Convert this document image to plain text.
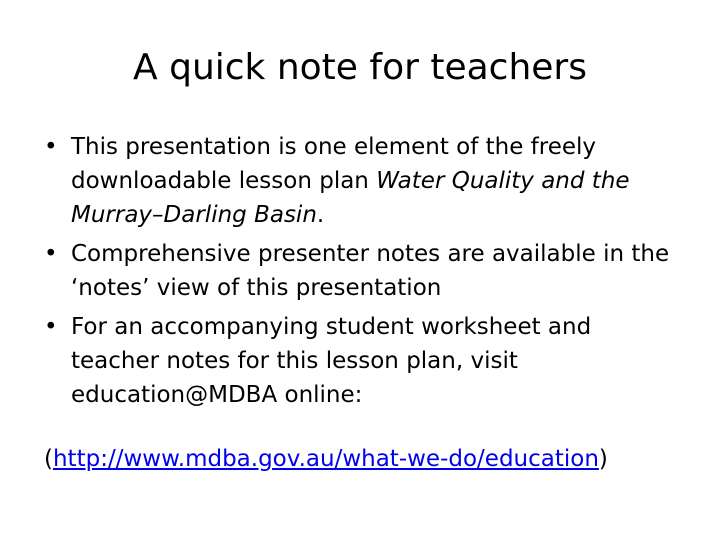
A quick note for teachers
• This presentation is one element of the freely downloadable lesson plan Water Quality and the Murray–Darling Basin.
• Comprehensive presenter notes are available in the ‘notes’ view of this presentation
• For an accompanying student worksheet and teacher notes for this lesson plan, visit education@MDBA online:

(http://www.mdba.gov.au/what-we-do/education)
